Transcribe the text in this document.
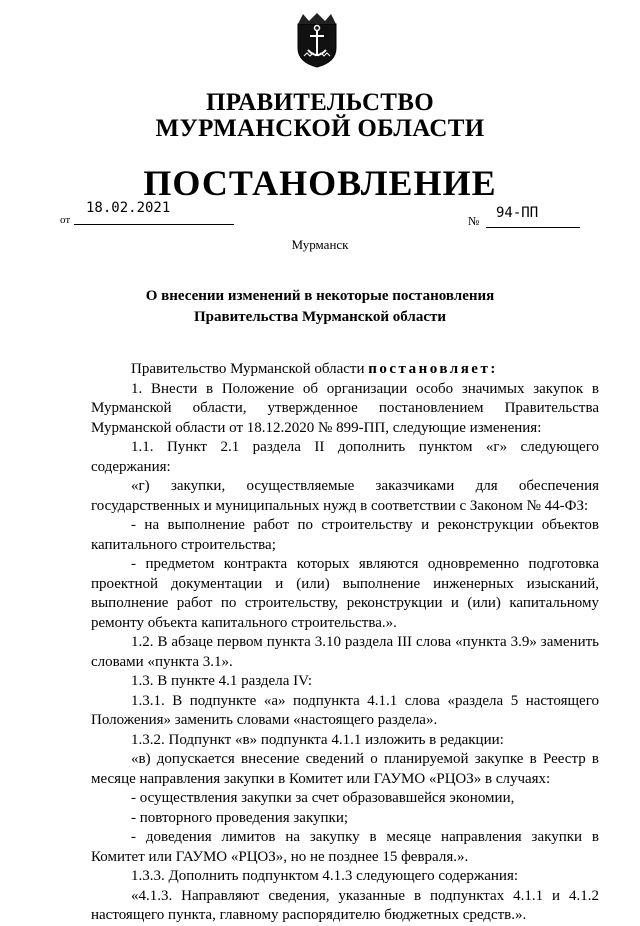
ПРАВИТЕЛЬСТВО
МУРМАНСКОЙ ОБЛАСТИ
ПОСТАНОВЛЕНИЕ
от
18.02.2021
№ 94-ПП
Мурманск
О внесении изменений в некоторые постановления Правительства Мурманской области

Правительство Мурманской области постановляет:

1. Внести в Положение об организации особо значимых закупок в Мурманской области, утвержденное постановлением Правительства Мурманской области от 18.12.2020 № 899-ПП, следующие изменения:

1.1. Пункт 2.1 раздела II дополнить пунктом «г» следующего содержания:

«г) закупки, осуществляемые заказчиками для обеспечения государственных и муниципальных нужд в соответствии с Законом № 44-ФЗ:

- на выполнение работ по строительству и реконструкции объектов капитального строительства;

- предметом контракта которых являются одновременно подготовка проектной документации и (или) выполнение инженерных изысканий, выполнение работ по строительству, реконструкции и (или) капитальному ремонту объекта капитального строительства.».

1.2. В абзаце первом пункта 3.10 раздела III слова «пункта 3.9» заменить словами «пункта 3.1».

1.3. В пункте 4.1 раздела IV:

1.3.1. В подпункте «а» подпункта 4.1.1 слова «раздела 5 настоящего Положения» заменить словами «настоящего раздела».

1.3.2. Подпункт «в» подпункта 4.1.1 изложить в редакции:

«в) допускается внесение сведений о планируемой закупке в Реестр в месяце направления закупки в Комитет или ГАУМО «РЦОЗ» в случаях:

- осуществления закупки за счет образовавшейся экономии,

- повторного проведения закупки;

- доведения лимитов на закупку в месяце направления закупки в Комитет или ГАУМО «РЦОЗ», но не позднее 15 февраля.».

1.3.3. Дополнить подпунктом 4.1.3 следующего содержания:

«4.1.3. Направляют сведения, указанные в подпунктах 4.1.1 и 4.1.2 настоящего пункта, главному распорядителю бюджетных средств.».
